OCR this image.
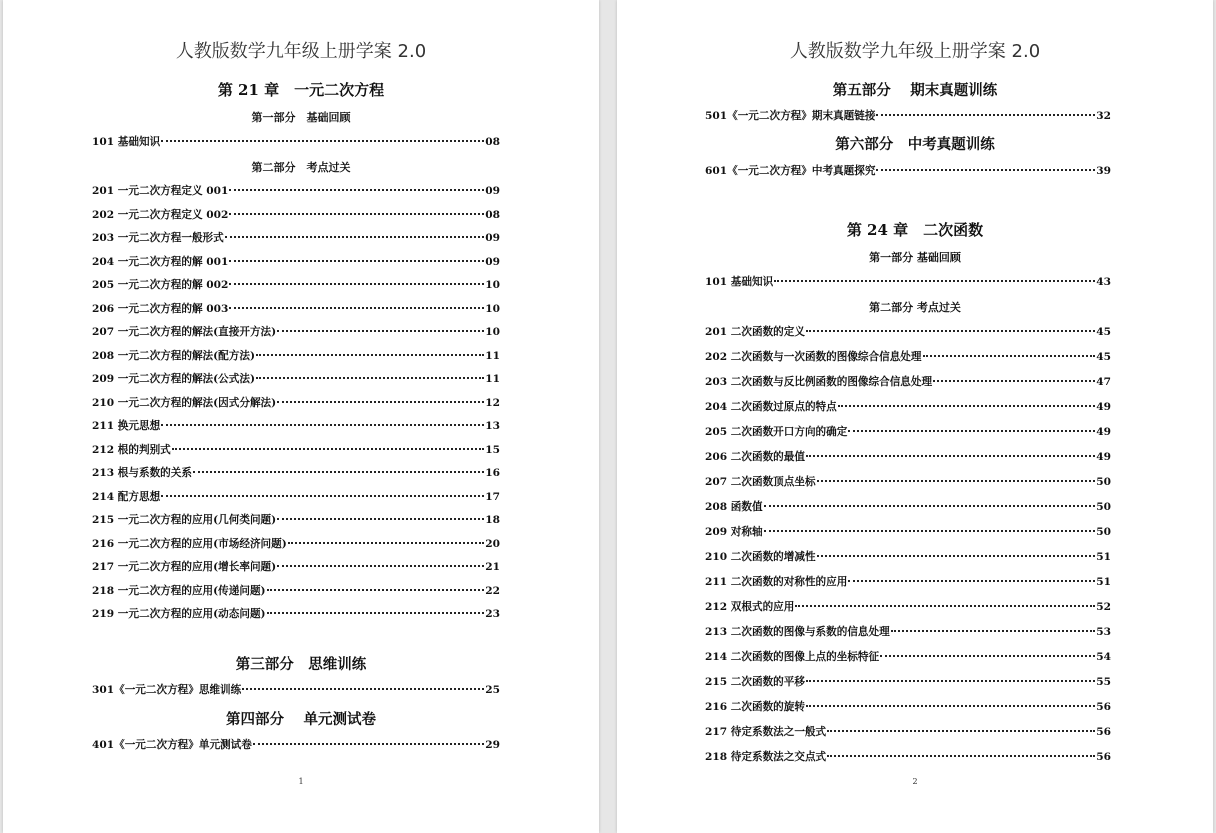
人教版数学九年级上册学案 2.0
第 21 章　一元二次方程
第一部分　基础回顾
第二部分　考点过关
第三部分　思维训练
第四部分　 单元测试卷
1
101 基础知识	08
201 一元二次方程定义 001	09
202 一元二次方程定义 002	08
203 一元二次方程一般形式	09
204 一元二次方程的解 001	09
205 一元二次方程的解 002	10
206 一元二次方程的解 003	10
207 一元二次方程的解法(直接开方法)	10
208 一元二次方程的解法(配方法)	11
209 一元二次方程的解法(公式法)	11
210 一元二次方程的解法(因式分解法)	12
211 换元思想	13
212 根的判别式	15
213 根与系数的关系	16
214 配方思想	17
215 一元二次方程的应用(几何类问题)	18
216 一元二次方程的应用(市场经济问题)	20
217 一元二次方程的应用(增长率问题)	21
218 一元二次方程的应用(传递问题)	22
219 一元二次方程的应用(动态问题)	23
301《一元二次方程》思维训练	25
401《一元二次方程》单元测试卷	29
人教版数学九年级上册学案 2.0
第五部分　 期末真题训练
第六部分　中考真题训练
第 24 章　二次函数
第一部分 基础回顾
第二部分 考点过关
2
501《一元二次方程》期末真题链接	32
601《一元二次方程》中考真题探究	39
101 基础知识	43
201 二次函数的定义	45
202 二次函数与一次函数的图像综合信息处理	45
203 二次函数与反比例函数的图像综合信息处理	47
204 二次函数过原点的特点	49
205 二次函数开口方向的确定	49
206 二次函数的最值	49
207 二次函数顶点坐标	50
208 函数值	50
209 对称轴	50
210 二次函数的增减性	51
211 二次函数的对称性的应用	51
212 双根式的应用	52
213 二次函数的图像与系数的信息处理	53
214 二次函数的图像上点的坐标特征	54
215 二次函数的平移	55
216 二次函数的旋转	56
217 待定系数法之一般式	56
218 待定系数法之交点式	56
